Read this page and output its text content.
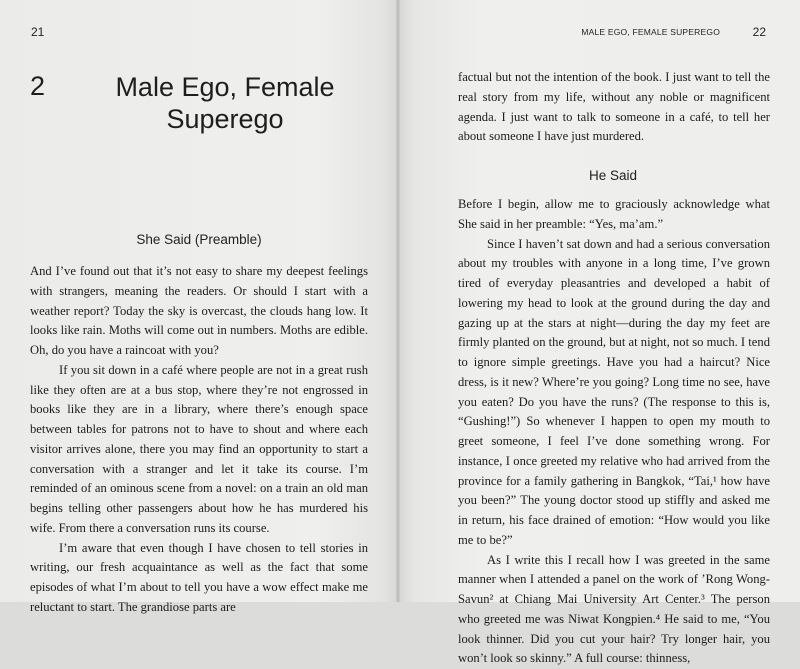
21
2	Male Ego, Female Superego
She Said (Preamble)

And I’ve found out that it’s not easy to share my deepest feelings with strangers, meaning the readers. Or should I start with a weather report? Today the sky is overcast, the clouds hang low. It looks like rain. Moths will come out in numbers. Moths are edible. Oh, do you have a raincoat with you?

If you sit down in a café where people are not in a great rush like they often are at a bus stop, where they’re not engrossed in books like they are in a library, where there’s enough space between tables for patrons not to have to shout and where each visitor arrives alone, there you may find an opportunity to start a conversation with a stranger and let it take its course. I’m reminded of an ominous scene from a novel: on a train an old man begins telling other passengers about how he has murdered his wife. From there a conversation runs its course.

I’m aware that even though I have chosen to tell stories in writing, our fresh acquaintance as well as the fact that some episodes of what I’m about to tell you have a wow effect make me reluctant to start. The grandiose parts are

MALE EGO, FEMALE SUPEREGO	22

factual but not the intention of the book. I just want to tell the real story from my life, without any noble or magnificent agenda. I just want to talk to someone in a café, to tell her about someone I have just murdered.

He Said

Before I begin, allow me to graciously acknowledge what She said in her preamble: “Yes, ma’am.”

Since I haven’t sat down and had a serious conversation about my troubles with anyone in a long time, I’ve grown tired of everyday pleasantries and developed a habit of lowering my head to look at the ground during the day and gazing up at the stars at night—during the day my feet are firmly planted on the ground, but at night, not so much. I tend to ignore simple greetings. Have you had a haircut? Nice dress, is it new? Where’re you going? Long time no see, have you eaten? Do you have the runs? (The response to this is, “Gushing!”) So whenever I happen to open my mouth to greet someone, I feel I’ve done something wrong. For instance, I once greeted my relative who had arrived from the province for a family gathering in Bangkok, “Tai,¹ how have you been?” The young doctor stood up stiffly and asked me in return, his face drained of emotion: “How would you like me to be?”

As I write this I recall how I was greeted in the same manner when I attended a panel on the work of ’Rong Wong-Savun² at Chiang Mai University Art Center.³ The person who greeted me was Niwat Kongpien.⁴ He said to me, “You look thinner. Did you cut your hair? Try longer hair, you won’t look so skinny.” A full course: thinness,
